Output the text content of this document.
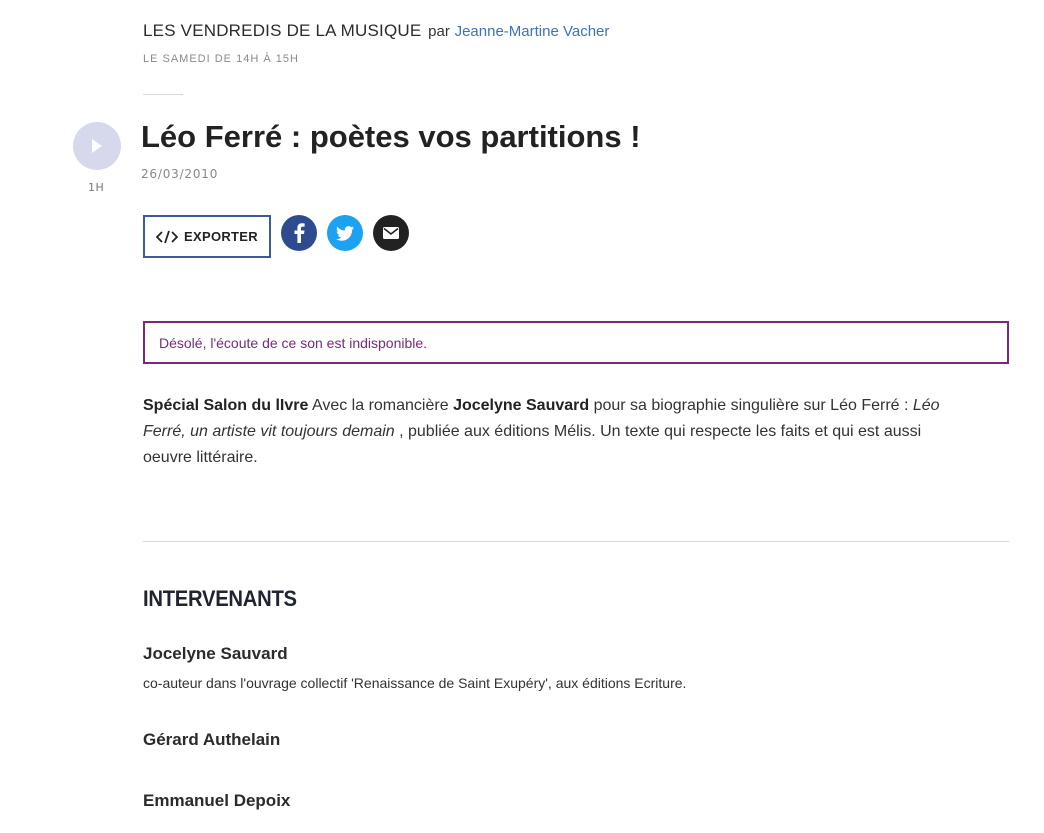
LES VENDREDIS DE LA MUSIQUE par Jeanne-Martine Vacher
LE SAMEDI DE 14H À 15H
1H
Léo Ferré : poètes vos partitions !
26/03/2010
EXPORTER
Désolé, l'écoute de ce son est indisponible.

Spécial Salon du lIvre Avec la romancière Jocelyne Sauvard pour sa biographie singulière sur Léo Ferré : Léo Ferré, un artiste vit toujours demain , publiée aux éditions Mélis. Un texte qui respecte les faits et qui est aussi oeuvre littéraire.

INTERVENANTS
Jocelyne Sauvard
co-auteur dans l'ouvrage collectif 'Renaissance de Saint Exupéry', aux éditions Ecriture.
Gérard Authelain
Emmanuel Depoix
